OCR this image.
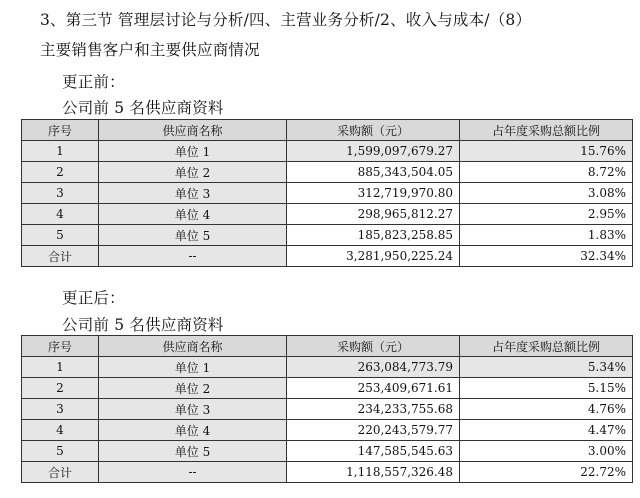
3、第三节 管理层讨论与分析/四、主营业务分析/2、收入与成本/（8）
主要销售客户和主要供应商情况
更正前：
公司前 5 名供应商资料
序号	供应商名称	采购额（元）	占年度采购总额比例
1	单位 1	1,599,097,679.27	15.76%
2	单位 2	885,343,504.05	8.72%
3	单位 3	312,719,970.80	3.08%
4	单位 4	298,965,812.27	2.95%
5	单位 5	185,823,258.85	1.83%
合计	--	3,281,950,225.24	32.34%
更正后：
公司前 5 名供应商资料
序号	供应商名称	采购额（元）	占年度采购总额比例
1	单位 1	263,084,773.79	5.34%
2	单位 2	253,409,671.61	5.15%
3	单位 3	234,233,755.68	4.76%
4	单位 4	220,243,579.77	4.47%
5	单位 5	147,585,545.63	3.00%
合计	--	1,118,557,326.48	22.72%
